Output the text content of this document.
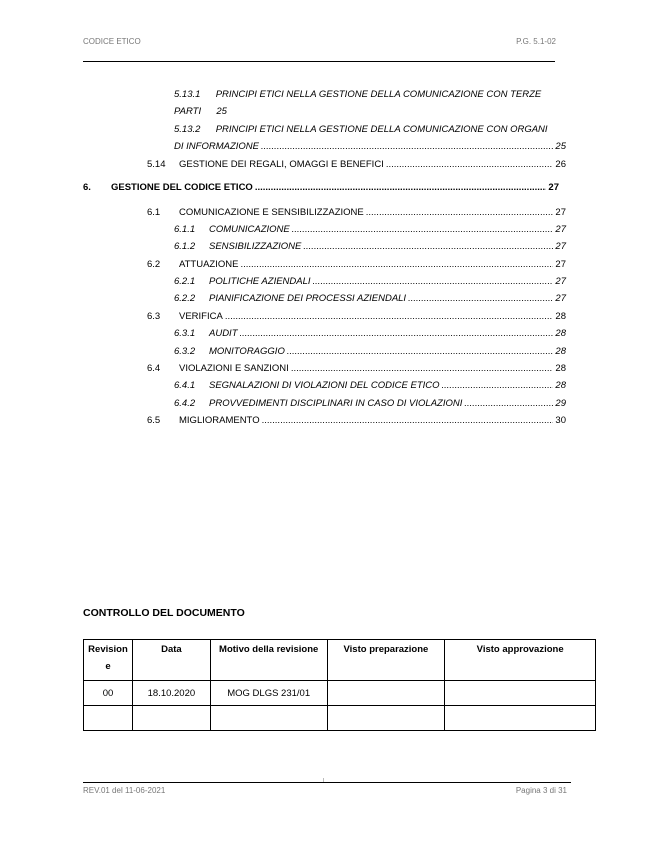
CODICE ETICO	P.G. 5.1-02
5.13.1 PRINCIPI ETICI NELLA GESTIONE DELLA COMUNICAZIONE CON TERZE
PARTI 25
5.13.2 PRINCIPI ETICI NELLA GESTIONE DELLA COMUNICAZIONE CON ORGANI
DI INFORMAZIONE .....	25
5.14	GESTIONE DEI REGALI, OMAGGI E BENEFICI .....	26
6.	GESTIONE DEL CODICE ETICO .....	27
6.1	COMUNICAZIONE E SENSIBILIZZAZIONE .....	27
6.1.1	COMUNICAZIONE .....	27
6.1.2	SENSIBILIZZAZIONE .....	27
6.2	ATTUAZIONE .....	27
6.2.1	POLITICHE AZIENDALI .....	27
6.2.2	PIANIFICAZIONE DEI PROCESSI AZIENDALI .....	27
6.3	VERIFICA .....	28
6.3.1	AUDIT .....	28
6.3.2	MONITORAGGIO .....	28
6.4	VIOLAZIONI E SANZIONI .....	28
6.4.1	SEGNALAZIONI DI VIOLAZIONI DEL CODICE ETICO .....	28
6.4.2	PROVVEDIMENTI DISCIPLINARI IN CASO DI VIOLAZIONI .....	29
6.5	MIGLIORAMENTO .....	30
CONTROLLO DEL DOCUMENTO
Revision
e	Data	Motivo della revisione	Visto preparazione	Visto approvazione
00	18.10.2020	MOG DLGS 231/01		

REV.01 del 11-06-2021	Pagina 3 di 31
